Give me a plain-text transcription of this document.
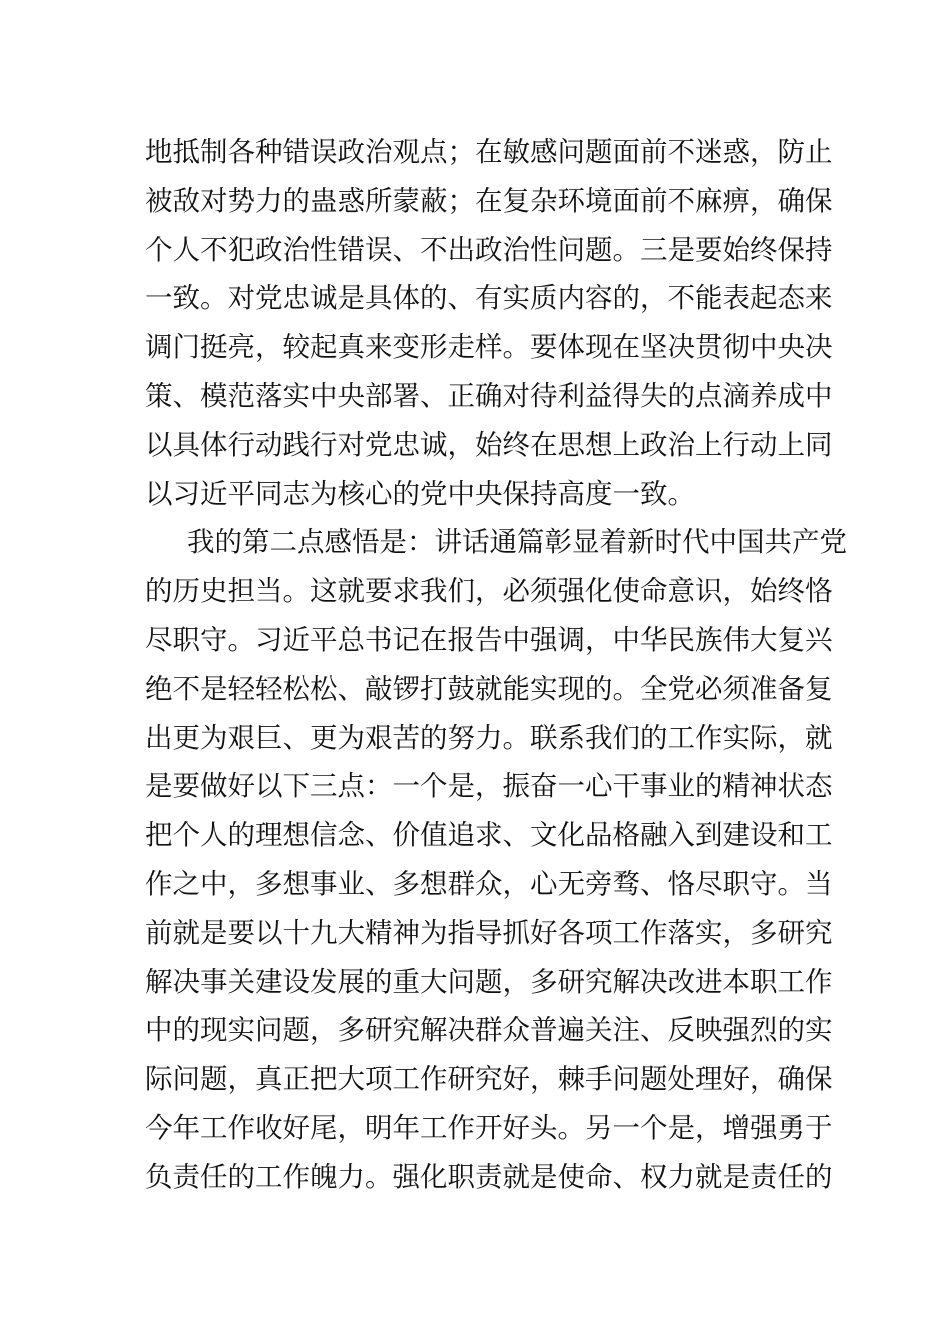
地抵制各种错误政治观点；在敏感问题面前不迷惑，防止
被敌对势力的蛊惑所蒙蔽；在复杂环境面前不麻痹，确保
个人不犯政治性错误、不出政治性问题。三是要始终保持
一致。对党忠诚是具体的、有实质内容的，不能表起态来
调门挺亮，较起真来变形走样。要体现在坚决贯彻中央决
策、模范落实中央部署、正确对待利益得失的点滴养成中
以具体行动践行对党忠诚，始终在思想上政治上行动上同
以习近平同志为核心的党中央保持高度一致。
我的第二点感悟是：讲话通篇彰显着新时代中国共产党
的历史担当。这就要求我们，必须强化使命意识，始终恪
尽职守。习近平总书记在报告中强调，中华民族伟大复兴
绝不是轻轻松松、敲锣打鼓就能实现的。全党必须准备复
出更为艰巨、更为艰苦的努力。联系我们的工作实际，就
是要做好以下三点：一个是，振奋一心干事业的精神状态
把个人的理想信念、价值追求、文化品格融入到建设和工
作之中，多想事业、多想群众，心无旁骛、恪尽职守。当
前就是要以十九大精神为指导抓好各项工作落实，多研究
解决事关建设发展的重大问题，多研究解决改进本职工作
中的现实问题，多研究解决群众普遍关注、反映强烈的实
际问题，真正把大项工作研究好，棘手问题处理好，确保
今年工作收好尾，明年工作开好头。另一个是，增强勇于
负责任的工作魄力。强化职责就是使命、权力就是责任的
